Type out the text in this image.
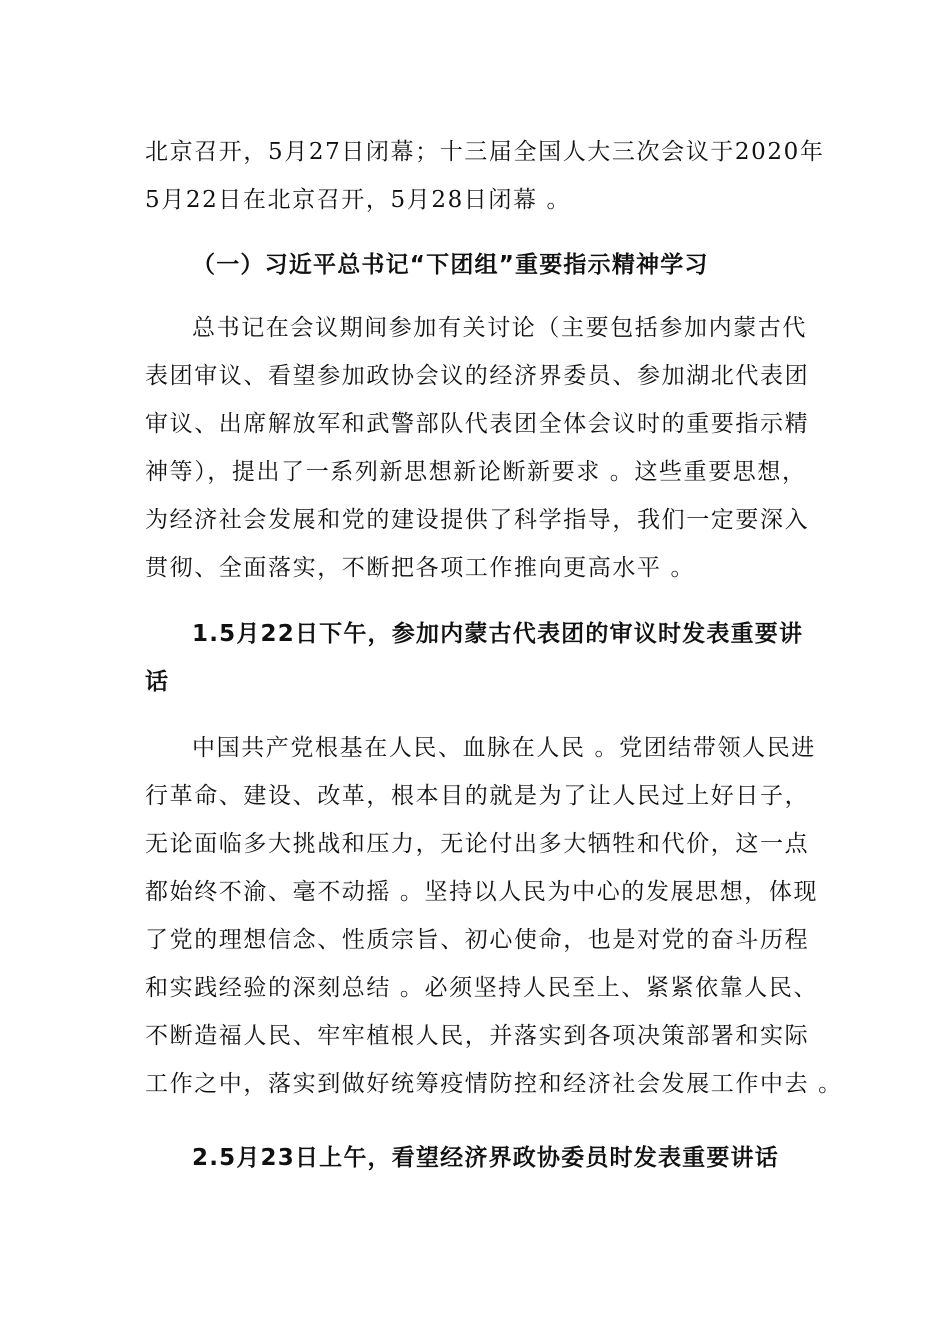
北京召开，5月27日闭幕；十三届全国人大三次会议于2020年
5月22日在北京召开，5月28日闭幕 。
（一）习近平总书记“下团组”重要指示精神学习
总书记在会议期间参加有关讨论（主要包括参加内蒙古代
表团审议、看望参加政协会议的经济界委员、参加湖北代表团
审议、出席解放军和武警部队代表团全体会议时的重要指示精
神等），提出了一系列新思想新论断新要求 。这些重要思想，
为经济社会发展和党的建设提供了科学指导，我们一定要深入
贯彻、全面落实，不断把各项工作推向更高水平 。
1.5月22日下午，参加内蒙古代表团的审议时发表重要讲
话
中国共产党根基在人民、血脉在人民 。党团结带领人民进
行革命、建设、改革，根本目的就是为了让人民过上好日子，
无论面临多大挑战和压力，无论付出多大牺牲和代价，这一点
都始终不渝、毫不动摇 。坚持以人民为中心的发展思想，体现
了党的理想信念、性质宗旨、初心使命，也是对党的奋斗历程
和实践经验的深刻总结 。必须坚持人民至上、紧紧依靠人民、
不断造福人民、牢牢植根人民，并落实到各项决策部署和实际
工作之中，落实到做好统筹疫情防控和经济社会发展工作中去 。
2.5月23日上午，看望经济界政协委员时发表重要讲话
